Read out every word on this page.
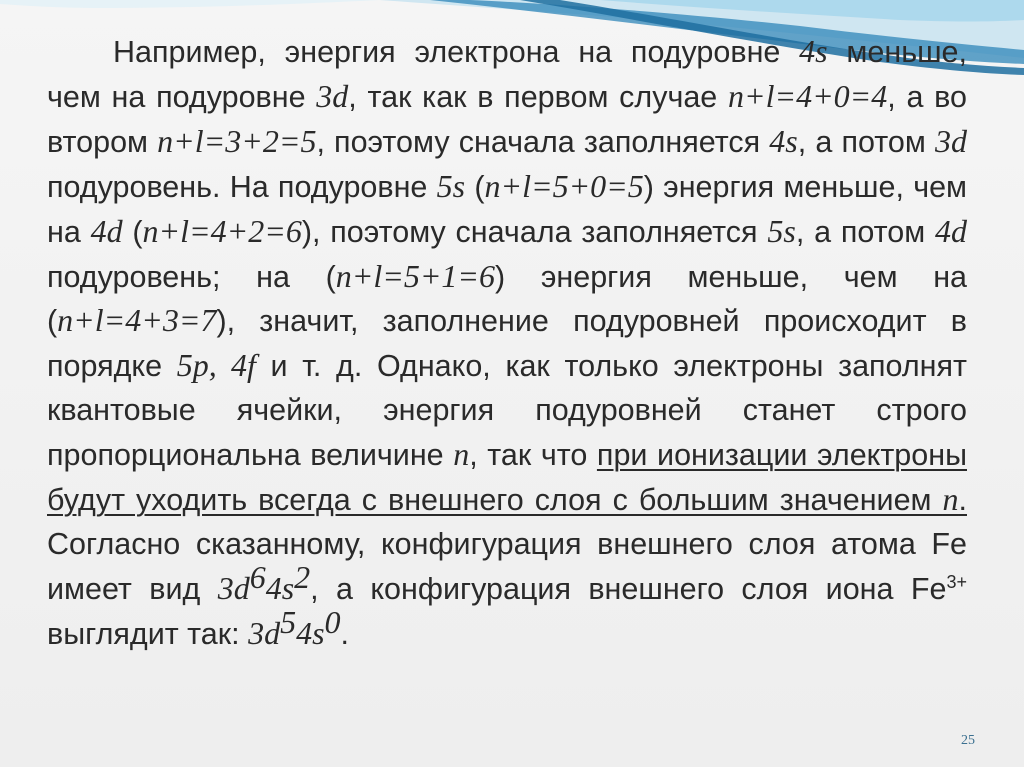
Например, энергия электрона на подуровне 4s меньше, чем на подуровне 3d, так как в первом случае n+l=4+0=4, а во втором n+l=3+2=5, поэтому сначала заполняется 4s, а потом 3d подуровень. На подуровне 5s (n+l=5+0=5) энергия меньше, чем на 4d (n+l=4+2=6), поэтому сначала заполняется 5s, а потом 4d подуровень; на (n+l=5+1=6) энергия меньше, чем на (n+l=4+3=7), значит, заполнение подуровней происходит в порядке 5p, 4f и т. д. Однако, как только электроны заполнят квантовые ячейки, энергия подуровней станет строго пропорциональна величине n, так что при ионизации электроны будут уходить всегда с внешнего слоя с большим значением n. Согласно сказанному, конфигурация внешнего слоя атома Fe имеет вид $3d^64s^2$, а конфигурация внешнего слоя иона $Fe^{3+}$ выглядит так: $3d^54s^0$.

25
